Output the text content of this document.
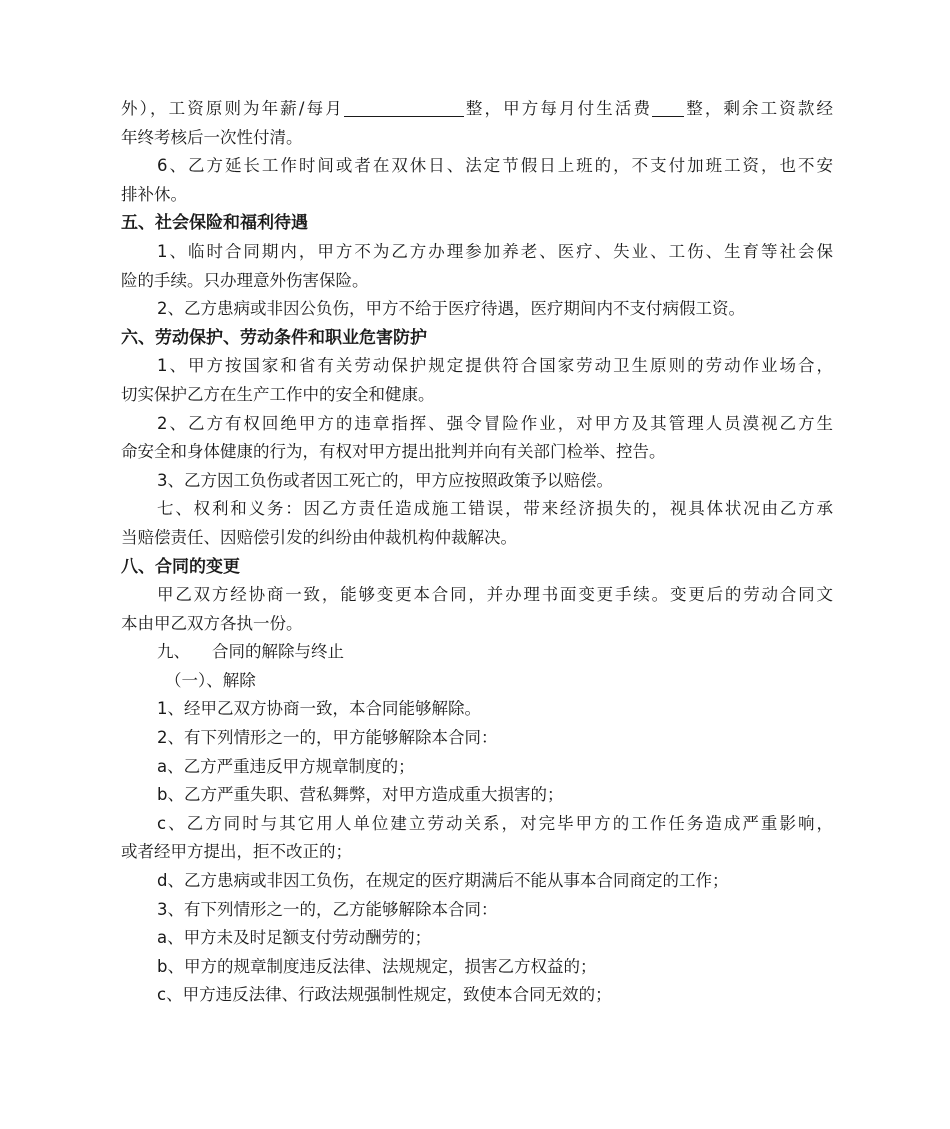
外），工资原则为年薪/每月	整，甲方每月付生活费 整，剩余工资款经
年终考核后一次性付清。
6、乙方延长工作时间或者在双休日、法定节假日上班的，不支付加班工资，也不安
排补休。
五、社会保险和福利待遇
1、临时合同期内，甲方不为乙方办理参加养老、医疗、失业、工伤、生育等社会保
险的手续。只办理意外伤害保险。
2、乙方患病或非因公负伤，甲方不给于医疗待遇，医疗期间内不支付病假工资。
六、劳动保护、劳动条件和职业危害防护
1、甲方按国家和省有关劳动保护规定提供符合国家劳动卫生原则的劳动作业场合，
切实保护乙方在生产工作中的安全和健康。
2、乙方有权回绝甲方的违章指挥、强令冒险作业，对甲方及其管理人员漠视乙方生
命安全和身体健康的行为，有权对甲方提出批判并向有关部门检举、控告。
3、乙方因工负伤或者因工死亡的，甲方应按照政策予以赔偿。
七、权利和义务：因乙方责任造成施工错误，带来经济损失的，视具体状况由乙方承
当赔偿责任、因赔偿引发的纠纷由仲裁机构仲裁解决。
八、合同的变更
甲乙双方经协商一致，能够变更本合同，并办理书面变更手续。变更后的劳动合同文
本由甲乙双方各执一份。
九、 合同的解除与终止
（一）、解除
1、经甲乙双方协商一致，本合同能够解除。
2、有下列情形之一的，甲方能够解除本合同：
a、乙方严重违反甲方规章制度的；
b、乙方严重失职、营私舞弊，对甲方造成重大损害的；
c、乙方同时与其它用人单位建立劳动关系，对完毕甲方的工作任务造成严重影响，
或者经甲方提出，拒不改正的；
d、乙方患病或非因工负伤，在规定的医疗期满后不能从事本合同商定的工作；
3、有下列情形之一的，乙方能够解除本合同：
a、甲方未及时足额支付劳动酬劳的；
b、甲方的规章制度违反法律、法规规定，损害乙方权益的；
c、甲方违反法律、行政法规强制性规定，致使本合同无效的；
